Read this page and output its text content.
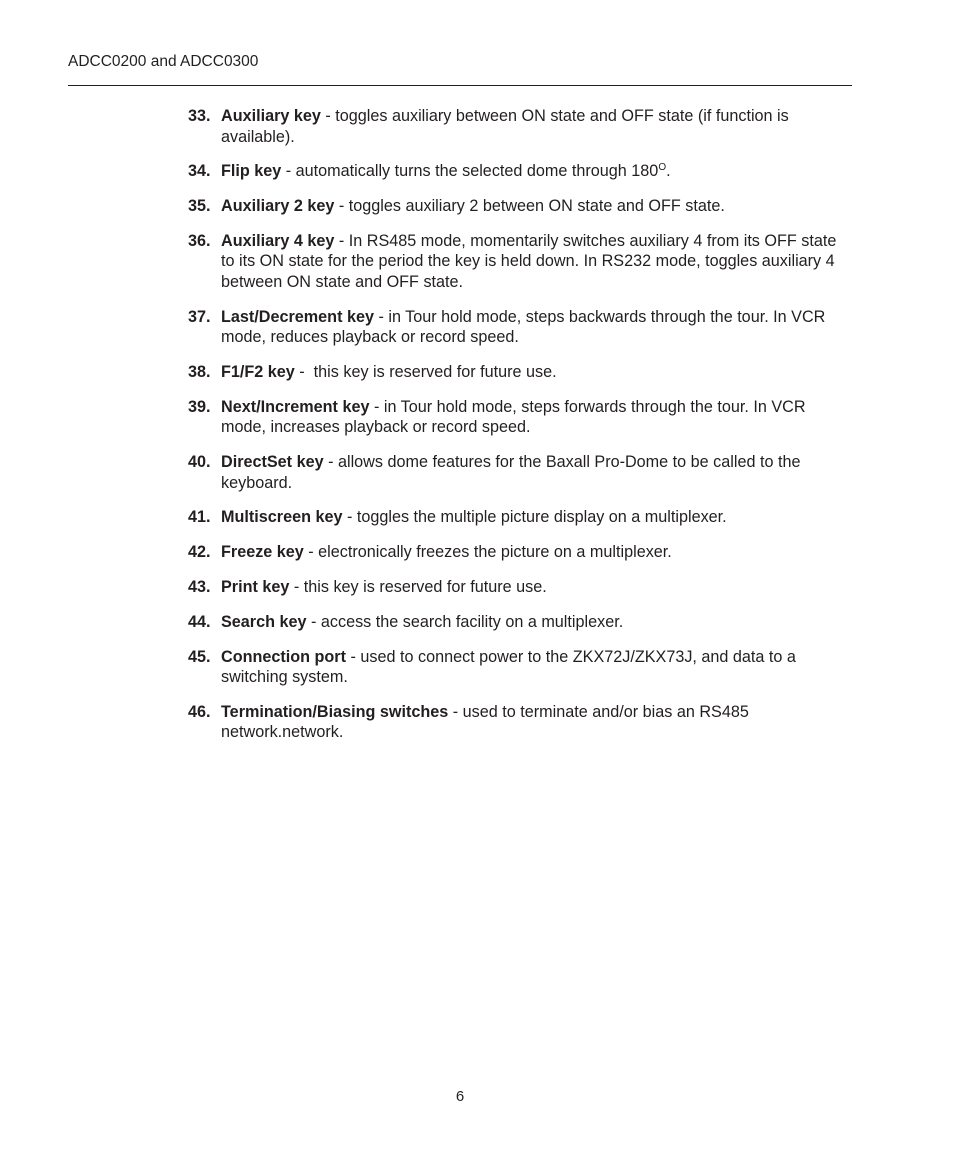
ADCC0200 and ADCC0300
33. Auxiliary key - toggles auxiliary between ON state and OFF state (if function is available).
34. Flip key - automatically turns the selected dome through $180^O$.
35. Auxiliary 2 key - toggles auxiliary 2 between ON state and OFF state.
36. Auxiliary 4 key - In RS485 mode, momentarily switches auxiliary 4 from its OFF state to its ON state for the period the key is held down. In RS232 mode, toggles auxiliary 4 between ON state and OFF state.
37. Last/Decrement key - in Tour hold mode, steps backwards through the tour. In VCR mode, reduces playback or record speed.
38. F1/F2 key -  this key is reserved for future use.
39. Next/Increment key - in Tour hold mode, steps forwards through the tour. In VCR mode, increases playback or record speed.
40. DirectSet key - allows dome features for the Baxall Pro-Dome to be called to the keyboard.
41. Multiscreen key - toggles the multiple picture display on a multiplexer.
42. Freeze key - electronically freezes the picture on a multiplexer.
43. Print key - this key is reserved for future use.
44. Search key - access the search facility on a multiplexer.
45. Connection port - used to connect power to the ZKX72J/ZKX73J, and data to a switching system.
46. Termination/Biasing switches - used to terminate and/or bias an RS485 network.network.
6
